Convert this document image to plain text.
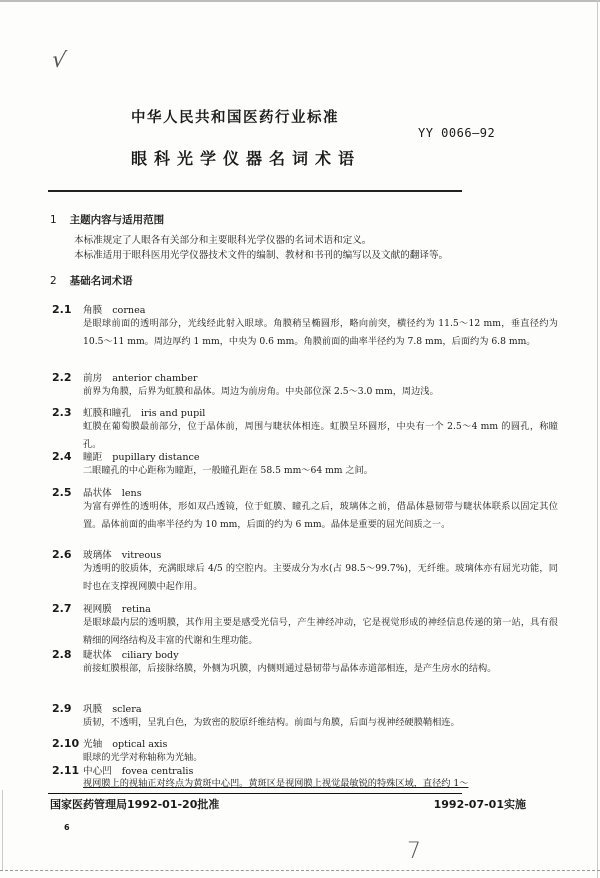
√
中华人民共和国医药行业标准
YY 0066—92
眼科光学仪器名词术语
1 主题内容与适用范围
本标准规定了人眼各有关部分和主要眼科光学仪器的名词术语和定义。
本标准适用于眼科医用光学仪器技术文件的编制、教材和书刊的编写以及文献的翻译等。
2 基础名词术语
2.1 角膜 cornea
是眼球前面的透明部分，光线经此射入眼球。角膜稍呈椭圆形，略向前突，横径约为 11.5～12 mm，垂直径约为 10.5～11 mm。周边厚约 1 mm，中央为 0.6 mm。角膜前面的曲率半径约为 7.8 mm，后面约为 6.8 mm。
2.2 前房 anterior chamber
前界为角膜，后界为虹膜和晶体。周边为前房角。中央部位深 2.5～3.0 mm，周边浅。
2.3 虹膜和瞳孔 iris and pupil
虹膜在葡萄膜最前部分，位于晶体前，周围与睫状体相连。虹膜呈环圆形，中央有一个 2.5～4 mm 的圆孔，称瞳孔。
2.4 瞳距 pupillary distance
二眼瞳孔的中心距称为瞳距，一般瞳孔距在 58.5 mm～64 mm 之间。
2.5 晶状体 lens
为富有弹性的透明体，形如双凸透镜，位于虹膜、瞳孔之后，玻璃体之前，借晶体悬韧带与睫状体联系以固定其位置。晶体前面的曲率半径约为 10 mm，后面的约为 6 mm。晶体是重要的屈光间质之一。
2.6 玻璃体 vitreous
为透明的胶质体，充满眼球后 4/5 的空腔内。主要成分为水(占 98.5～99.7%)，无纤维。玻璃体亦有屈光功能，同时也在支撑视网膜中起作用。
2.7 视网膜 retina
是眼球最内层的透明膜，其作用主要是感受光信号，产生神经冲动，它是视觉形成的神经信息传递的第一站，具有很精细的网络结构及丰富的代谢和生理功能。
2.8 睫状体 ciliary body
前接虹膜根部，后接脉络膜，外侧为巩膜，内侧则通过悬韧带与晶体赤道部相连，是产生房水的结构。
2.9 巩膜 sclera
质韧，不透明，呈乳白色，为致密的胶原纤维结构。前面与角膜，后面与视神经硬膜鞘相连。
2.10 光轴 optical axis
眼球的光学对称轴称为光轴。
2.11 中心凹 fovea centralis
视网膜上的视轴正对终点为黄斑中心凹。黄斑区是视网膜上视觉最敏锐的特殊区域，直径约 1～
国家医药管理局1992-01-20批准	1992-07-01实施
6
7
